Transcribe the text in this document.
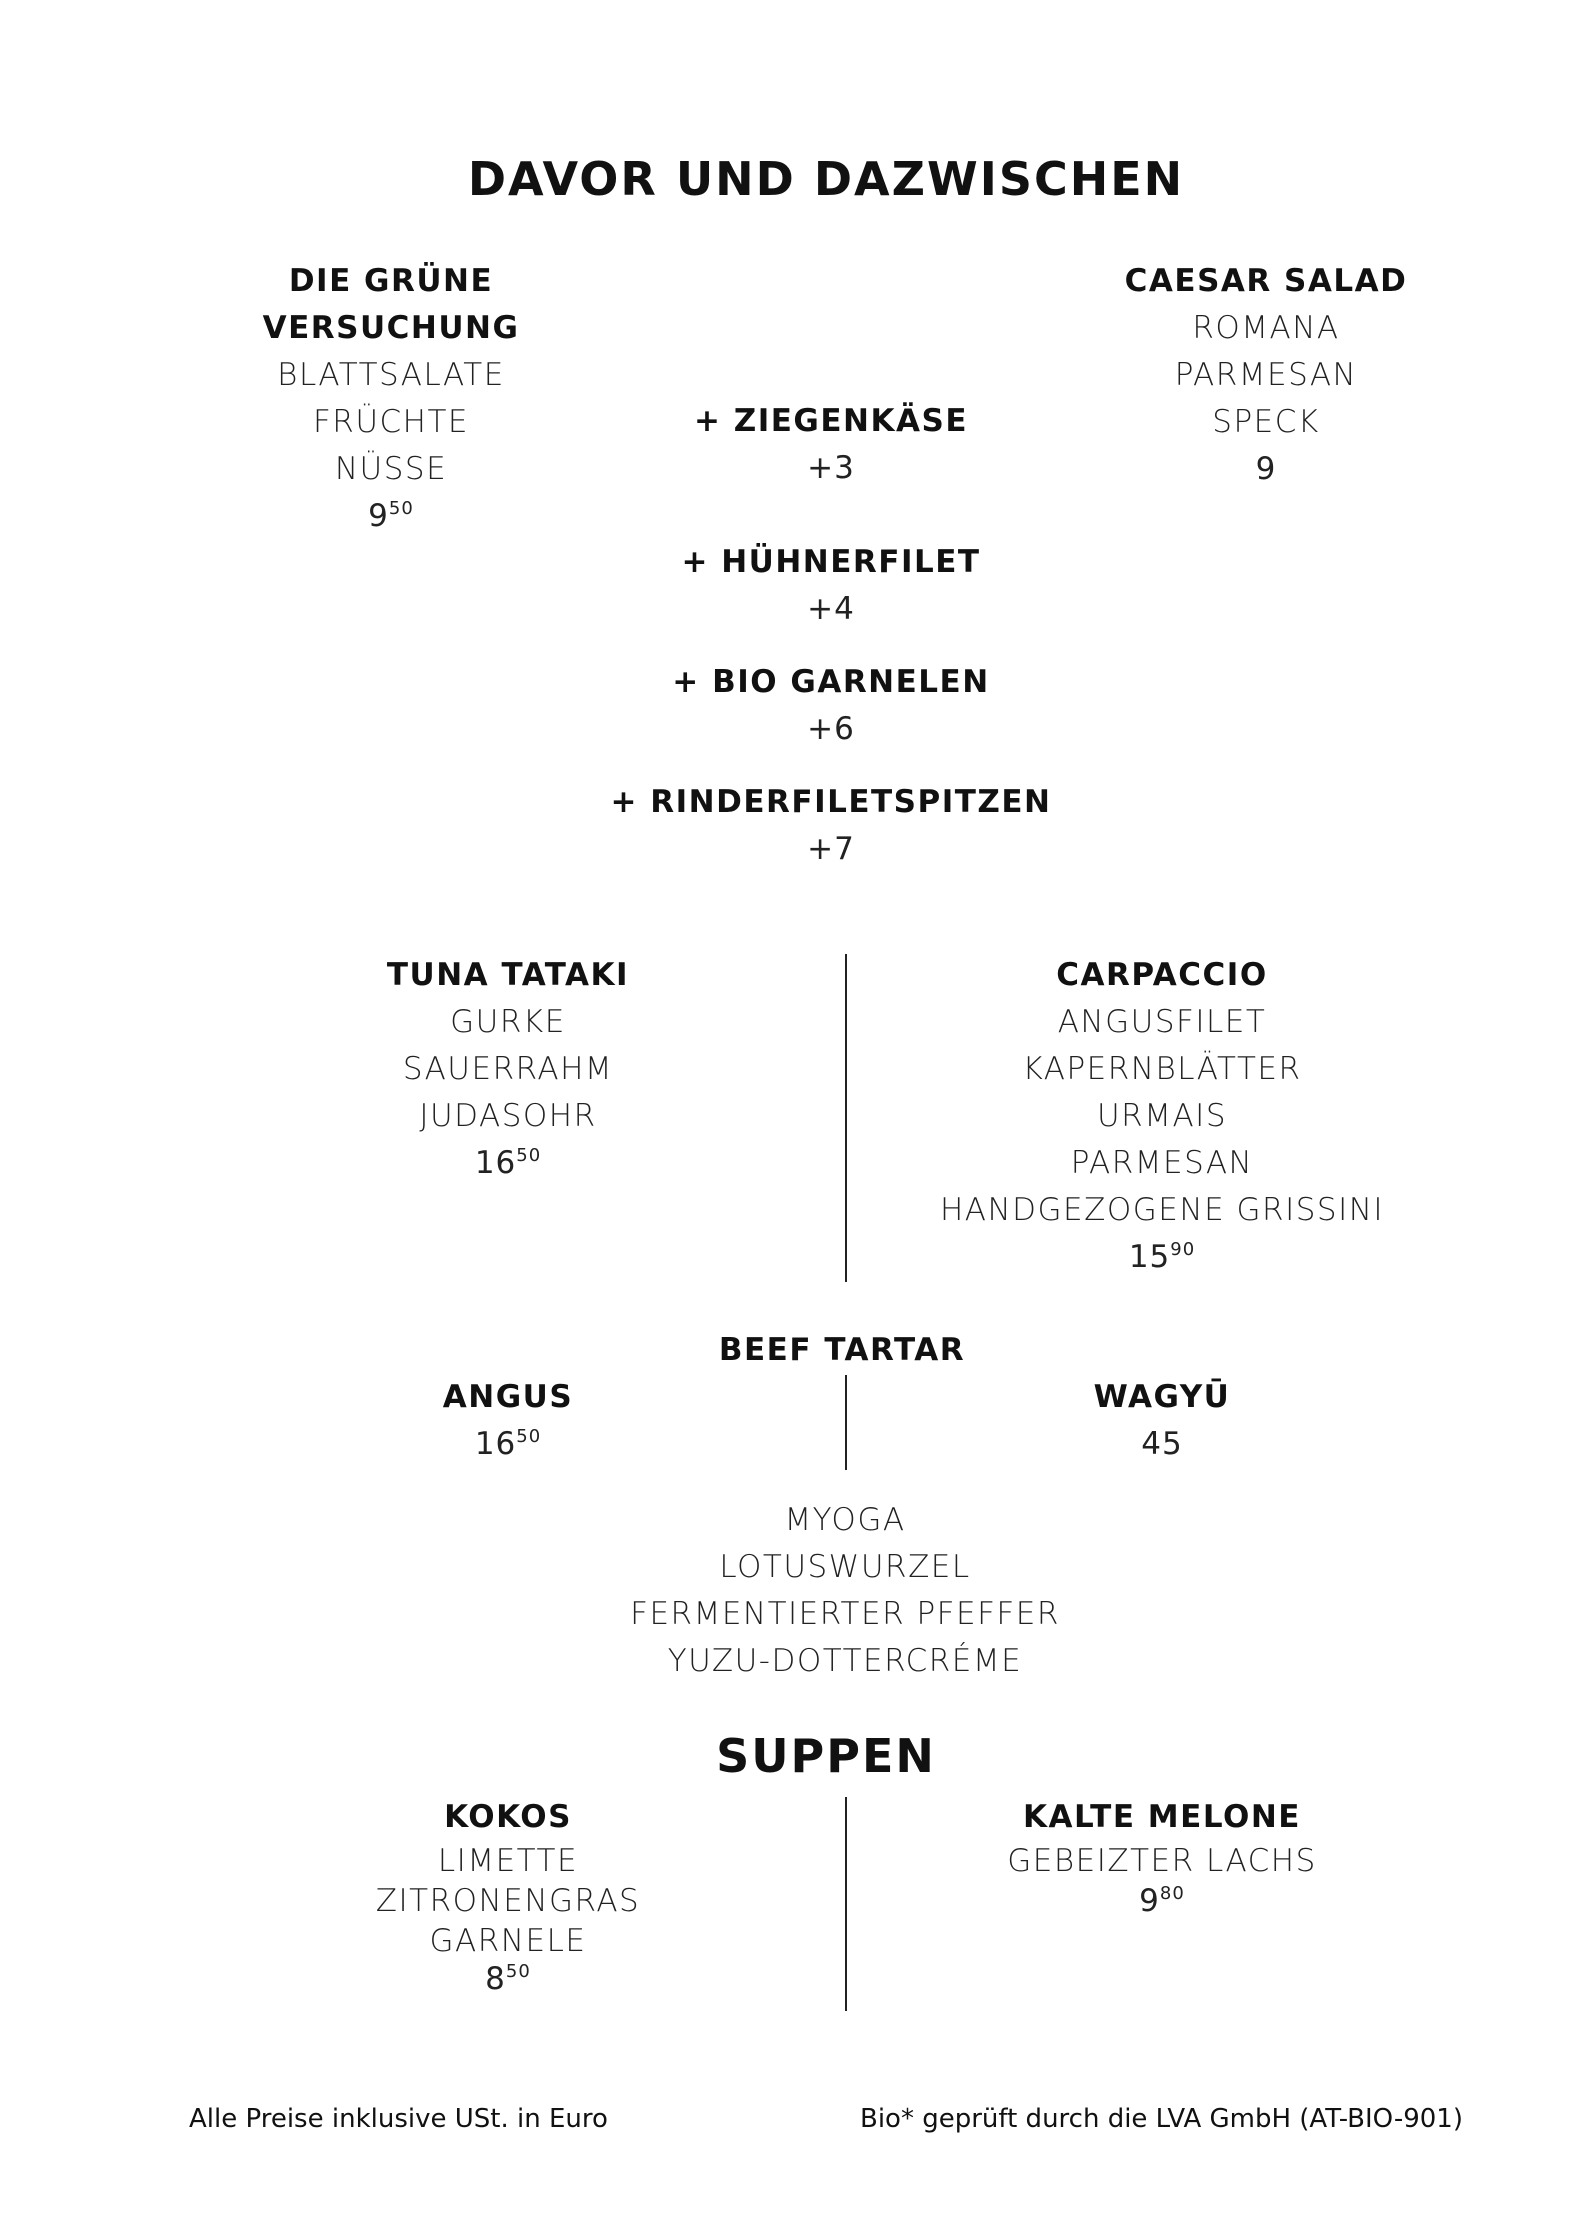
DAVOR UND DAZWISCHEN
DIE GRÜNE
VERSUCHUNG
BLATTSALATE
FRÜCHTE
NÜSSE
$9^{50}$
CAESAR SALAD
ROMANA
PARMESAN
SPECK
9
+ ZIEGENKÄSE
+3
+ HÜHNERFILET
+4
+ BIO GARNELEN
+6
+ RINDERFILETSPITZEN
+7
TUNA TATAKI
GURKE
SAUERRAHM
JUDASOHR
$16^{50}$
CARPACCIO
ANGUSFILET
KAPERNBLÄTTER
URMAIS
PARMESAN
HANDGEZOGENE GRISSINI
$15^{90}$
BEEF TARTAR
ANGUS
$16^{50}$
WAGYŪ
45
MYOGA
LOTUSWURZEL
FERMENTIERTER PFEFFER
YUZU-DOTTERCRÉME
SUPPEN
KOKOS
LIMETTE
ZITRONENGRAS
GARNELE
$8^{50}$
KALTE MELONE
GEBEIZTER LACHS
$9^{80}$
Alle Preise inklusive USt. in Euro	Bio* geprüft durch die LVA GmbH (AT-BIO-901)
